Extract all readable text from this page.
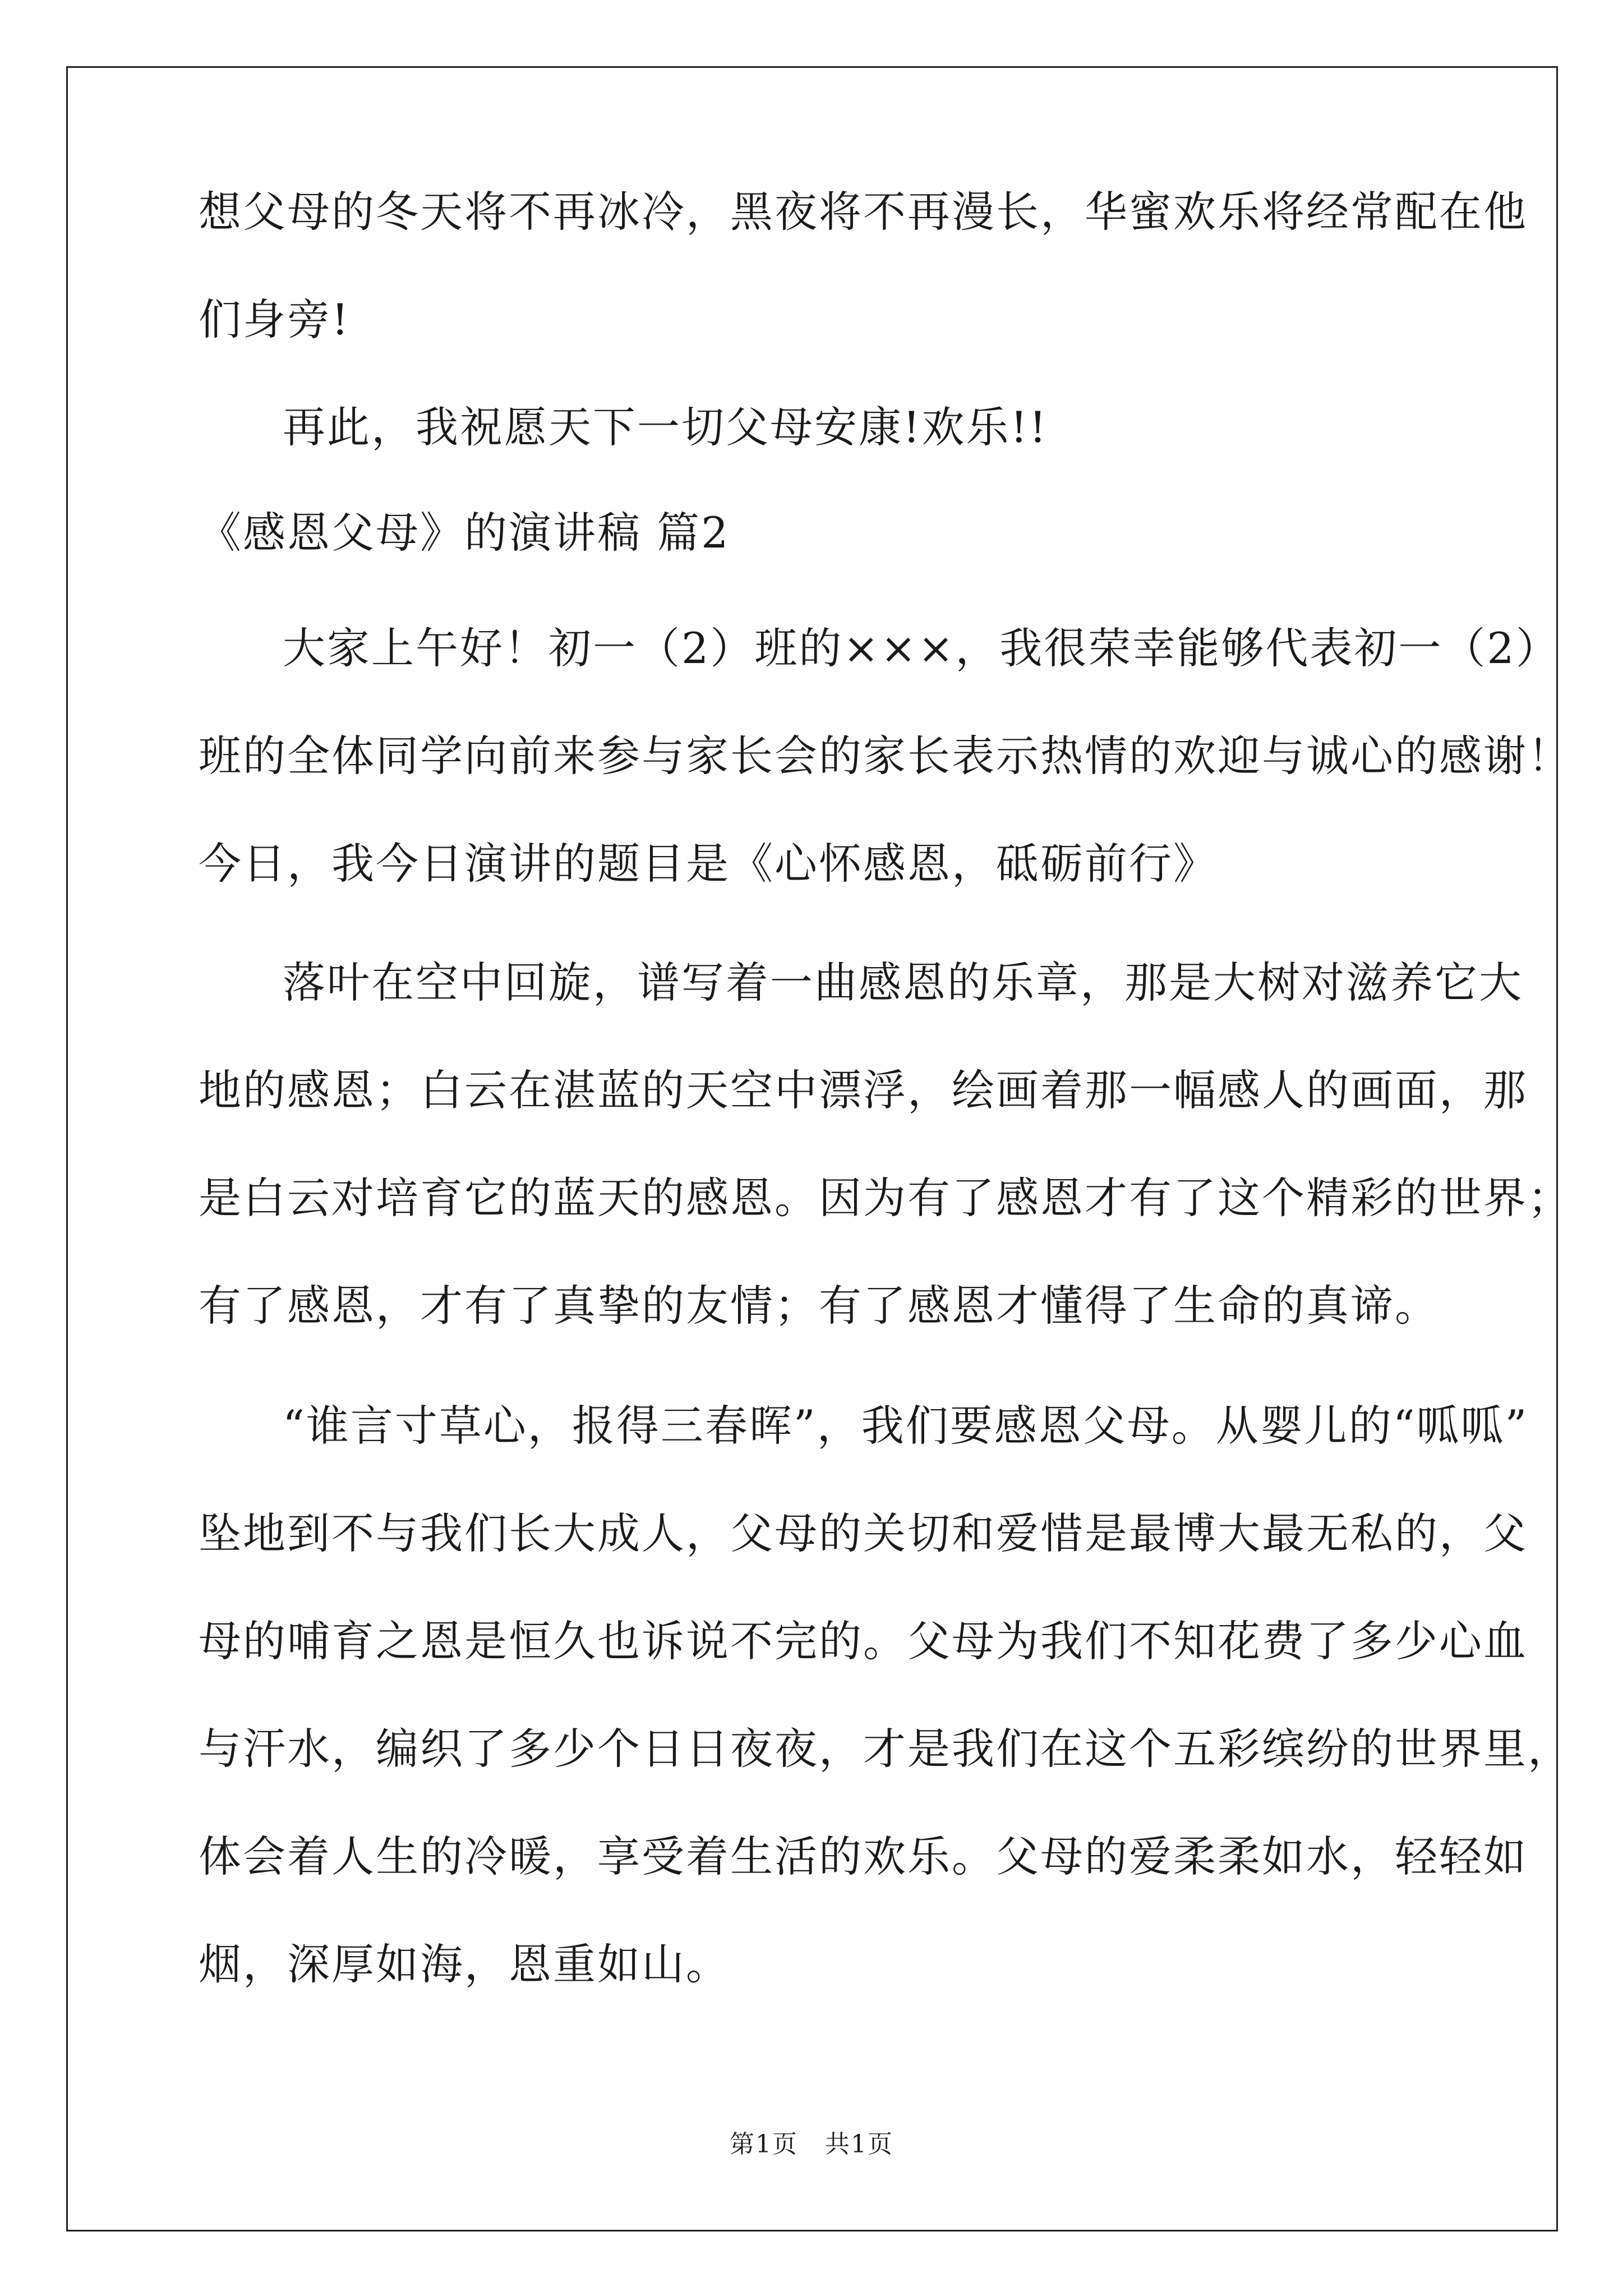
想父母的冬天将不再冰冷，黑夜将不再漫长，华蜜欢乐将经常配在他
们身旁!
再此，我祝愿天下一切父母安康!欢乐!!
《感恩父母》的演讲稿 篇2
大家上午好！初一（2）班的×××，我很荣幸能够代表初一（2）
班的全体同学向前来参与家长会的家长表示热情的欢迎与诚心的感谢！
今日，我今日演讲的题目是《心怀感恩，砥砺前行》
落叶在空中回旋，谱写着一曲感恩的乐章，那是大树对滋养它大
地的感恩；白云在湛蓝的天空中漂浮，绘画着那一幅感人的画面，那
是白云对培育它的蓝天的感恩。因为有了感恩才有了这个精彩的世界；
有了感恩，才有了真挚的友情；有了感恩才懂得了生命的真谛。
“谁言寸草心，报得三春晖”，我们要感恩父母。从婴儿的“呱呱”
坠地到不与我们长大成人，父母的关切和爱惜是最博大最无私的，父
母的哺育之恩是恒久也诉说不完的。父母为我们不知花费了多少心血
与汗水，编织了多少个日日夜夜，才是我们在这个五彩缤纷的世界里，
体会着人生的冷暖，享受着生活的欢乐。父母的爱柔柔如水，轻轻如
烟，深厚如海，恩重如山。
第1页   共1页
